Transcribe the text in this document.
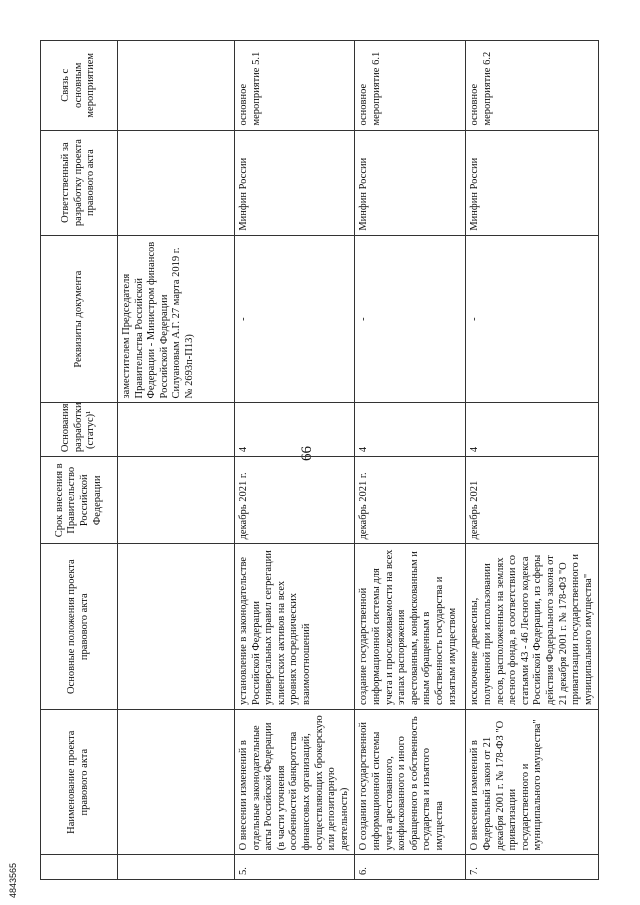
66
	Наименование проекта правового акта	Основные положения проекта правового акта	Срок внесения в Правительство Российской Федерации	Основания разработки (статус)¹	Реквизиты документа	Ответственный за разработку проекта правового акта	Связь с основным мероприятием
					заместителем Председателя Правительства Российской Федерации - Министром финансов Российской Федерации Силуановым А.Г. 27 марта 2019 г. № 2693п-П13)		
5.	О внесении изменений в отдельные законодательные акты Российской Федерации (в части уточнения особенностей банкротства финансовых организаций, осуществляющих брокерскую или депозитарную деятельность)	установление в законодательстве Российской Федерации универсальных правил сегрегации клиентских активов на всех уровнях посреднических взаимоотношений	декабрь 2021 г.	4	-	Минфин России	основное мероприятие 5.1
6.	О создании государственной информационной системы учета арестованного, конфискованного и иного обращенного в собственность государства и изъятого имущества	создание государственной информационной системы для учета и прослеживаемости на всех этапах распоряжения арестованным, конфискованным и иным обращенным в собственность государства и изъятым имуществом	декабрь 2021 г.	4	-	Минфин России	основное мероприятие 6.1
7.	О внесении изменений в Федеральный закон от 21 декабря 2001 г. № 178-ФЗ "О приватизации государственного и муниципального имущества"	исключение древесины, полученной при использовании лесов, расположенных на землях лесного фонда, в соответствии со статьями 43 - 46 Лесного кодекса Российской Федерации, из сферы действия Федерального закона от 21 декабря 2001 г. № 178-ФЗ "О приватизации государственного и муниципального имущества"	декабрь 2021	4	-	Минфин России	основное мероприятие 6.2
4843565
